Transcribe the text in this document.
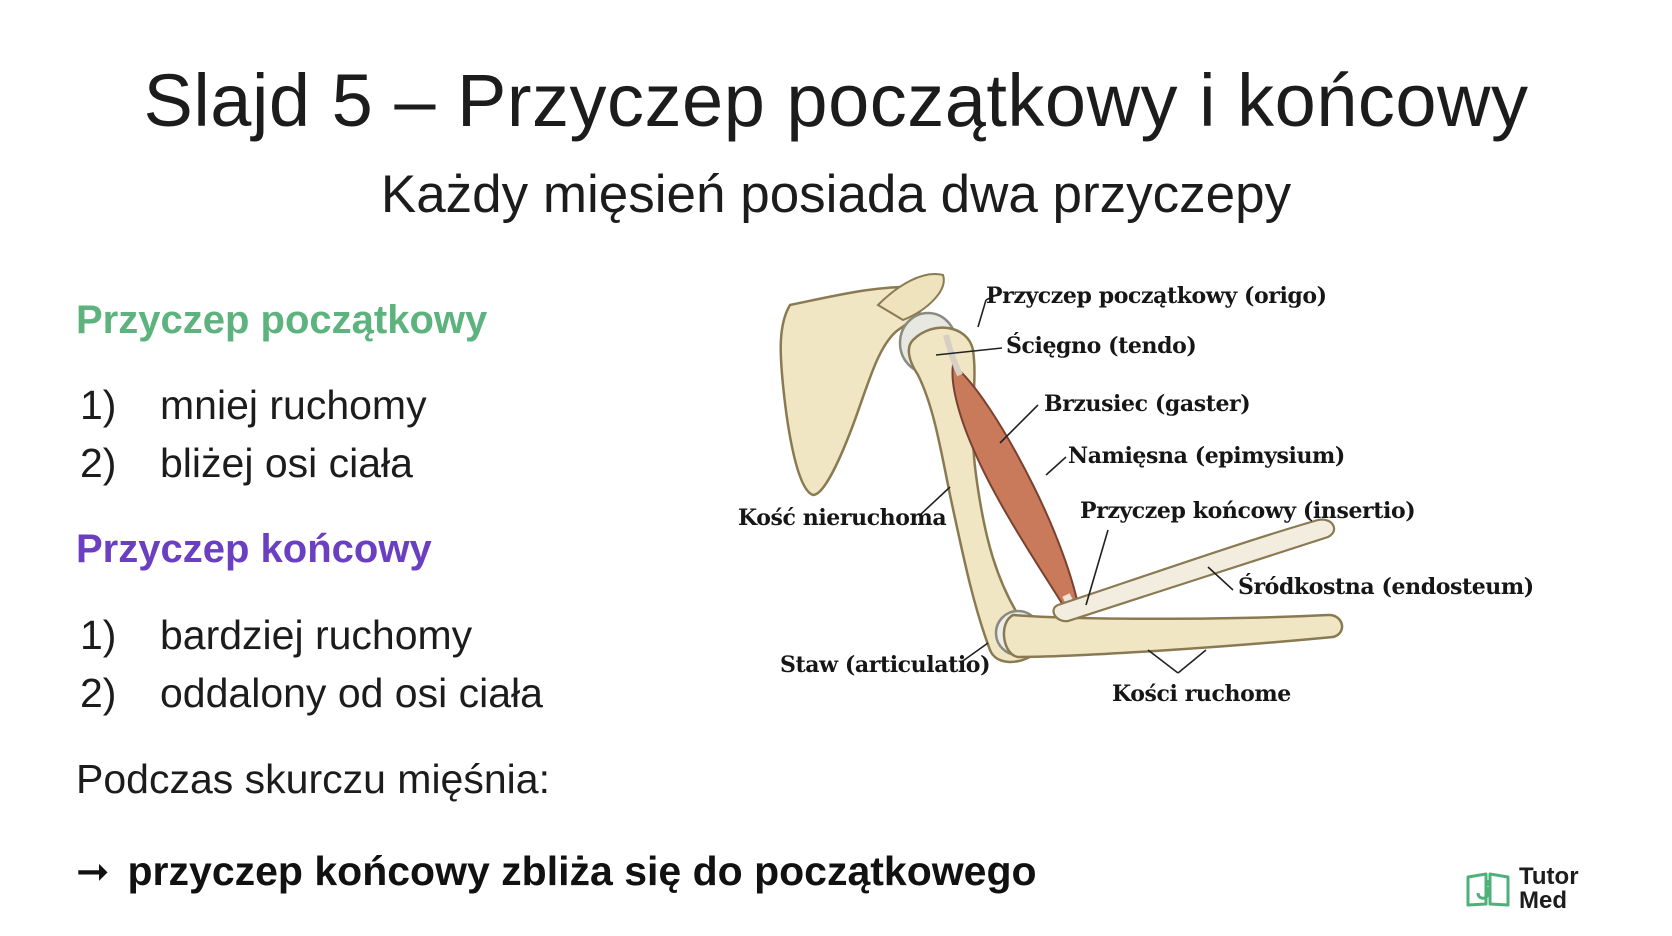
Slajd 5 – Przyczep początkowy i końcowy
Każdy mięsień posiada dwa przyczepy
Przyczep początkowy
1)	mniej ruchomy
2)	bliżej osi ciała
Przyczep końcowy
1)	bardziej ruchomy
2)	oddalony od osi ciała
Podczas skurczu mięśnia:
➞ przyczep końcowy zbliża się do początkowego
Przyczep początkowy (origo)
Ścięgno (tendo)
Brzusiec (gaster)
Namięsna (epimysium)
Kość nieruchoma	Przyczep końcowy (insertio)
Śródkostna (endosteum)
Staw (articulatio)
Kości ruchome
Tutor
Med
